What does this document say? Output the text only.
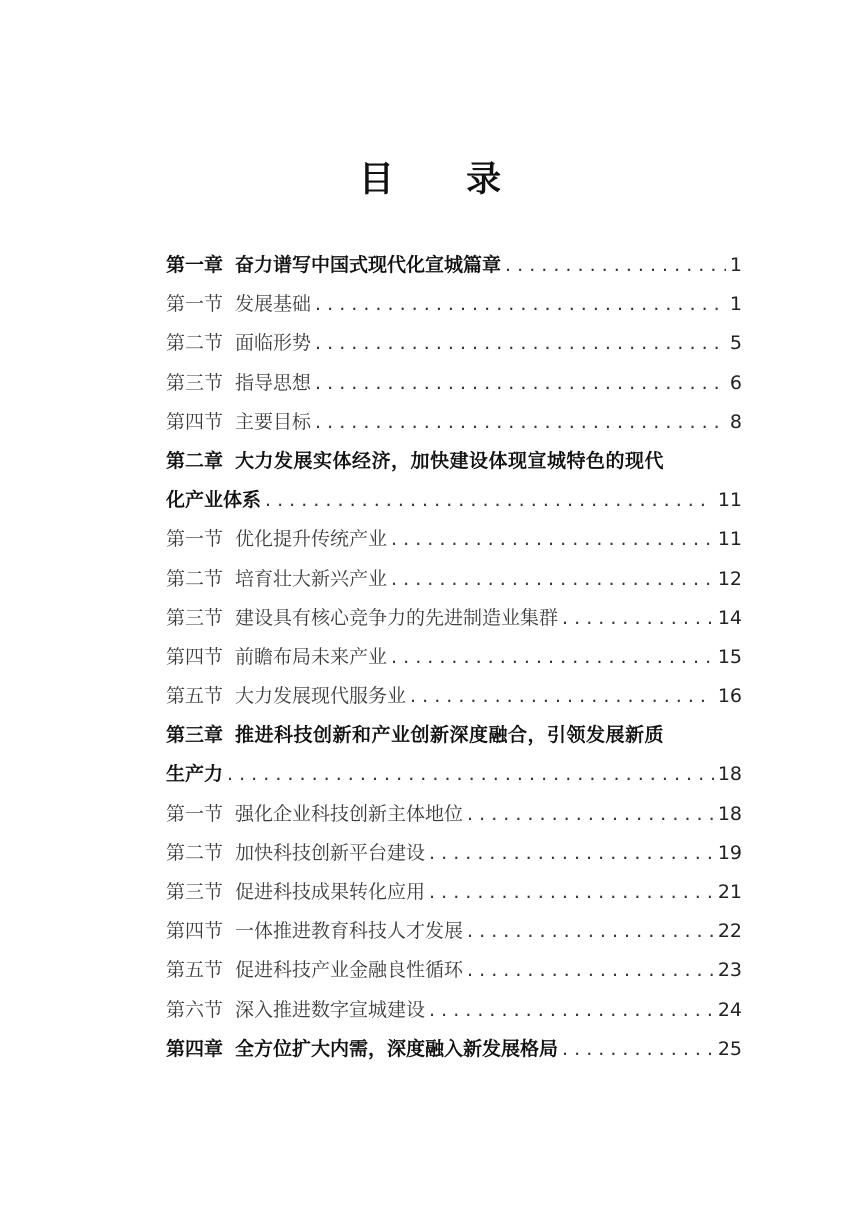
目 录
第一章 奋力谱写中国式现代化宣城篇章 . . .	1
第一节 发展基础 . . .	1
第二节 面临形势 . . .	5
第三节 指导思想 . . .	6
第四节 主要目标 . . .	8
第二章 大力发展实体经济，加快建设体现宣城特色的现代
化产业体系 . . .	11
第一节 优化提升传统产业 . . .	11
第二节 培育壮大新兴产业 . . .	12
第三节 建设具有核心竞争力的先进制造业集群 . . .	14
第四节 前瞻布局未来产业 . . .	15
第五节 大力发展现代服务业 . . .	16
第三章 推进科技创新和产业创新深度融合，引领发展新质
生产力 . . .	18
第一节 强化企业科技创新主体地位 . . .	18
第二节 加快科技创新平台建设 . . .	19
第三节 促进科技成果转化应用 . . .	21
第四节 一体推进教育科技人才发展 . . .	22
第五节 促进科技产业金融良性循环 . . .	23
第六节 深入推进数字宣城建设 . . .	24
第四章 全方位扩大内需，深度融入新发展格局 . . .	25
